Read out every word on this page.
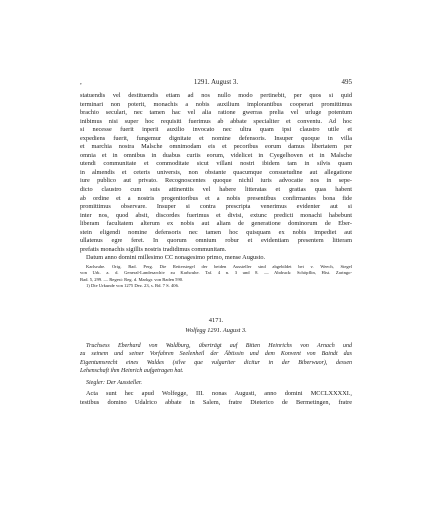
,	1291. August 3.	495
statuendis vel destituendis etiam ad nos nullo modo pertinebit, per quos si quid
terminari non poterit, monachis a nobis auxilium implorantibus cooperari promittimus
brachio seculari, nec tamen hac vel alia ratione gwerras prelia vel urluge potentum
inibimus nisi super hoc requisiti fuerimus ab abbate specialiter et conventu. Ad hoc
si necesse fuerit inperii auxilio invocato nec ultra quam ipsi claustro utile et
expediens fuerit, fungemur dignitate et nomine defensoris. Insuper quoque in villa
et marchia nostra Malsche omnimodam eis et pecoribus eorum damus libertatem per
omnia et in omnibus in duabus curiis eorum, videlicet in Cyegelhoven et in Malsche
utendi communitate et commoditate sicut villani nostri ibidem tam in silvis quam
in almendis et ceteris universis, non obstante quacumque consuetudine aut allegatione
iure publico aut privato. Recognoscentes quoque nichil iuris advocatie nos in sepe-
dicto claustro cum suis attinentiis vel habere litteratas et gratias quas habent
ab ordine et a nostris progenitoribus et a nobis presentibus confirmantes bona fide
promittimus observare. Insuper si contra prescripta venerimus evidenter aut si
inter nos, quod absit, discordes fuerimus et divisi, extunc predicti monachi habebunt
liberam facultatem alterum ex nobis aut aliam de generatione dominorum de Eber-
stein eligendi nomine defensoris nec tamen hoc quisquam ex nobis impediet aut
ullatenus egre feret. In quorum omnium robur et evidentiam presentem litteram
prefatis monachis sigillis nostris tradidimus communitam.
Datum anno domini millesimo CC nonagesimo primo, mense Augusto.
Karlsruhe. Orig. Bad. Perg. Die Reitersiegel der beiden Aussteller sind abgebildet bei v. Weech, Siegel
von Urk. a. d. General-Landesarchiv zu Karlsruhe. Taf. 4 n. 3 und 8. — Abdruck: Schöpflin, Hist. Zaringo-
Bad. 5, 299. — Regest: Reg. d. Markgr. von Baden 590.
1) Die Urkunde von 1275 Dez. 23, s. Bd. 7 S. 406.
4171.
Wolfegg 1291. August 3.
Truchsess Eberhard von Waldburg, überträgt auf Bitten Heinrichs von Arnach und
zu seinem und seiner Vorfahren Seelenheil der Äbtissin und dem Konvent von Baindt das
Eigentumsrecht eines Waldes (silve que vulgariter dicitur in der Biberwuor), dessen
Lehenschaft ihm Heinrich aufgetragen hat.
Siegler: Der Aussteller.
Acta sunt hec apud Wolfegge, III. nonas Augusti, anno domini MCCLXXXXI.,
testibus domino Udalrico abbate in Salem, fratre Dieterico de Bermetingen, fratre
